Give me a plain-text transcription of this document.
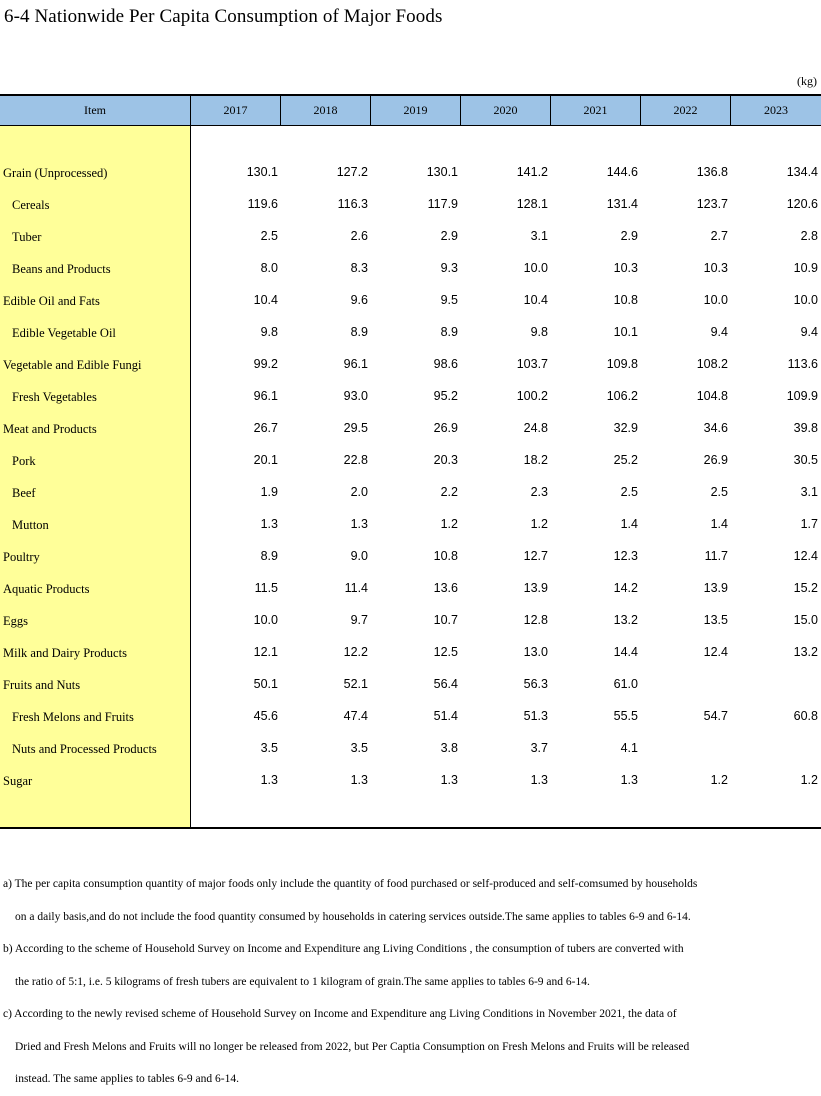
6-4 Nationwide Per Capita Consumption of Major Foods
(kg)
Item	2017	2018	2019	2020	2021	2022	2023
Grain (Unprocessed)	130.1	127.2	130.1	141.2	144.6	136.8	134.4
Cereals	119.6	116.3	117.9	128.1	131.4	123.7	120.6
Tuber	2.5	2.6	2.9	3.1	2.9	2.7	2.8
Beans and Products	8.0	8.3	9.3	10.0	10.3	10.3	10.9
Edible Oil and Fats	10.4	9.6	9.5	10.4	10.8	10.0	10.0
Edible Vegetable Oil	9.8	8.9	8.9	9.8	10.1	9.4	9.4
Vegetable and Edible Fungi	99.2	96.1	98.6	103.7	109.8	108.2	113.6
Fresh Vegetables	96.1	93.0	95.2	100.2	106.2	104.8	109.9
Meat and Products	26.7	29.5	26.9	24.8	32.9	34.6	39.8
Pork	20.1	22.8	20.3	18.2	25.2	26.9	30.5
Beef	1.9	2.0	2.2	2.3	2.5	2.5	3.1
Mutton	1.3	1.3	1.2	1.2	1.4	1.4	1.7
Poultry	8.9	9.0	10.8	12.7	12.3	11.7	12.4
Aquatic Products	11.5	11.4	13.6	13.9	14.2	13.9	15.2
Eggs	10.0	9.7	10.7	12.8	13.2	13.5	15.0
Milk and Dairy Products	12.1	12.2	12.5	13.0	14.4	12.4	13.2
Fruits and Nuts	50.1	52.1	56.4	56.3	61.0
Fresh Melons and Fruits	45.6	47.4	51.4	51.3	55.5	54.7	60.8
Nuts and Processed Products	3.5	3.5	3.8	3.7	4.1
Sugar	1.3	1.3	1.3	1.3	1.3	1.2	1.2
a) The per capita consumption quantity of major foods only include the quantity of food purchased or self-produced and self-comsumed by households
on a daily basis,and do not include the food quantity consumed by households in catering services outside.The same applies to tables 6-9 and 6-14.
b) According to the scheme of Household Survey on Income and Expenditure ang Living Conditions , the consumption of tubers are converted with
the ratio of 5:1, i.e. 5 kilograms of fresh tubers are equivalent to 1 kilogram of grain.The same applies to tables 6-9 and 6-14.
c) According to the newly revised scheme of Household Survey on Income and Expenditure ang Living Conditions in November 2021, the data of
Dried and Fresh Melons and Fruits will no longer be released from 2022, but Per Captia Consumption on Fresh Melons and Fruits will be released
instead. The same applies to tables 6-9 and 6-14.
